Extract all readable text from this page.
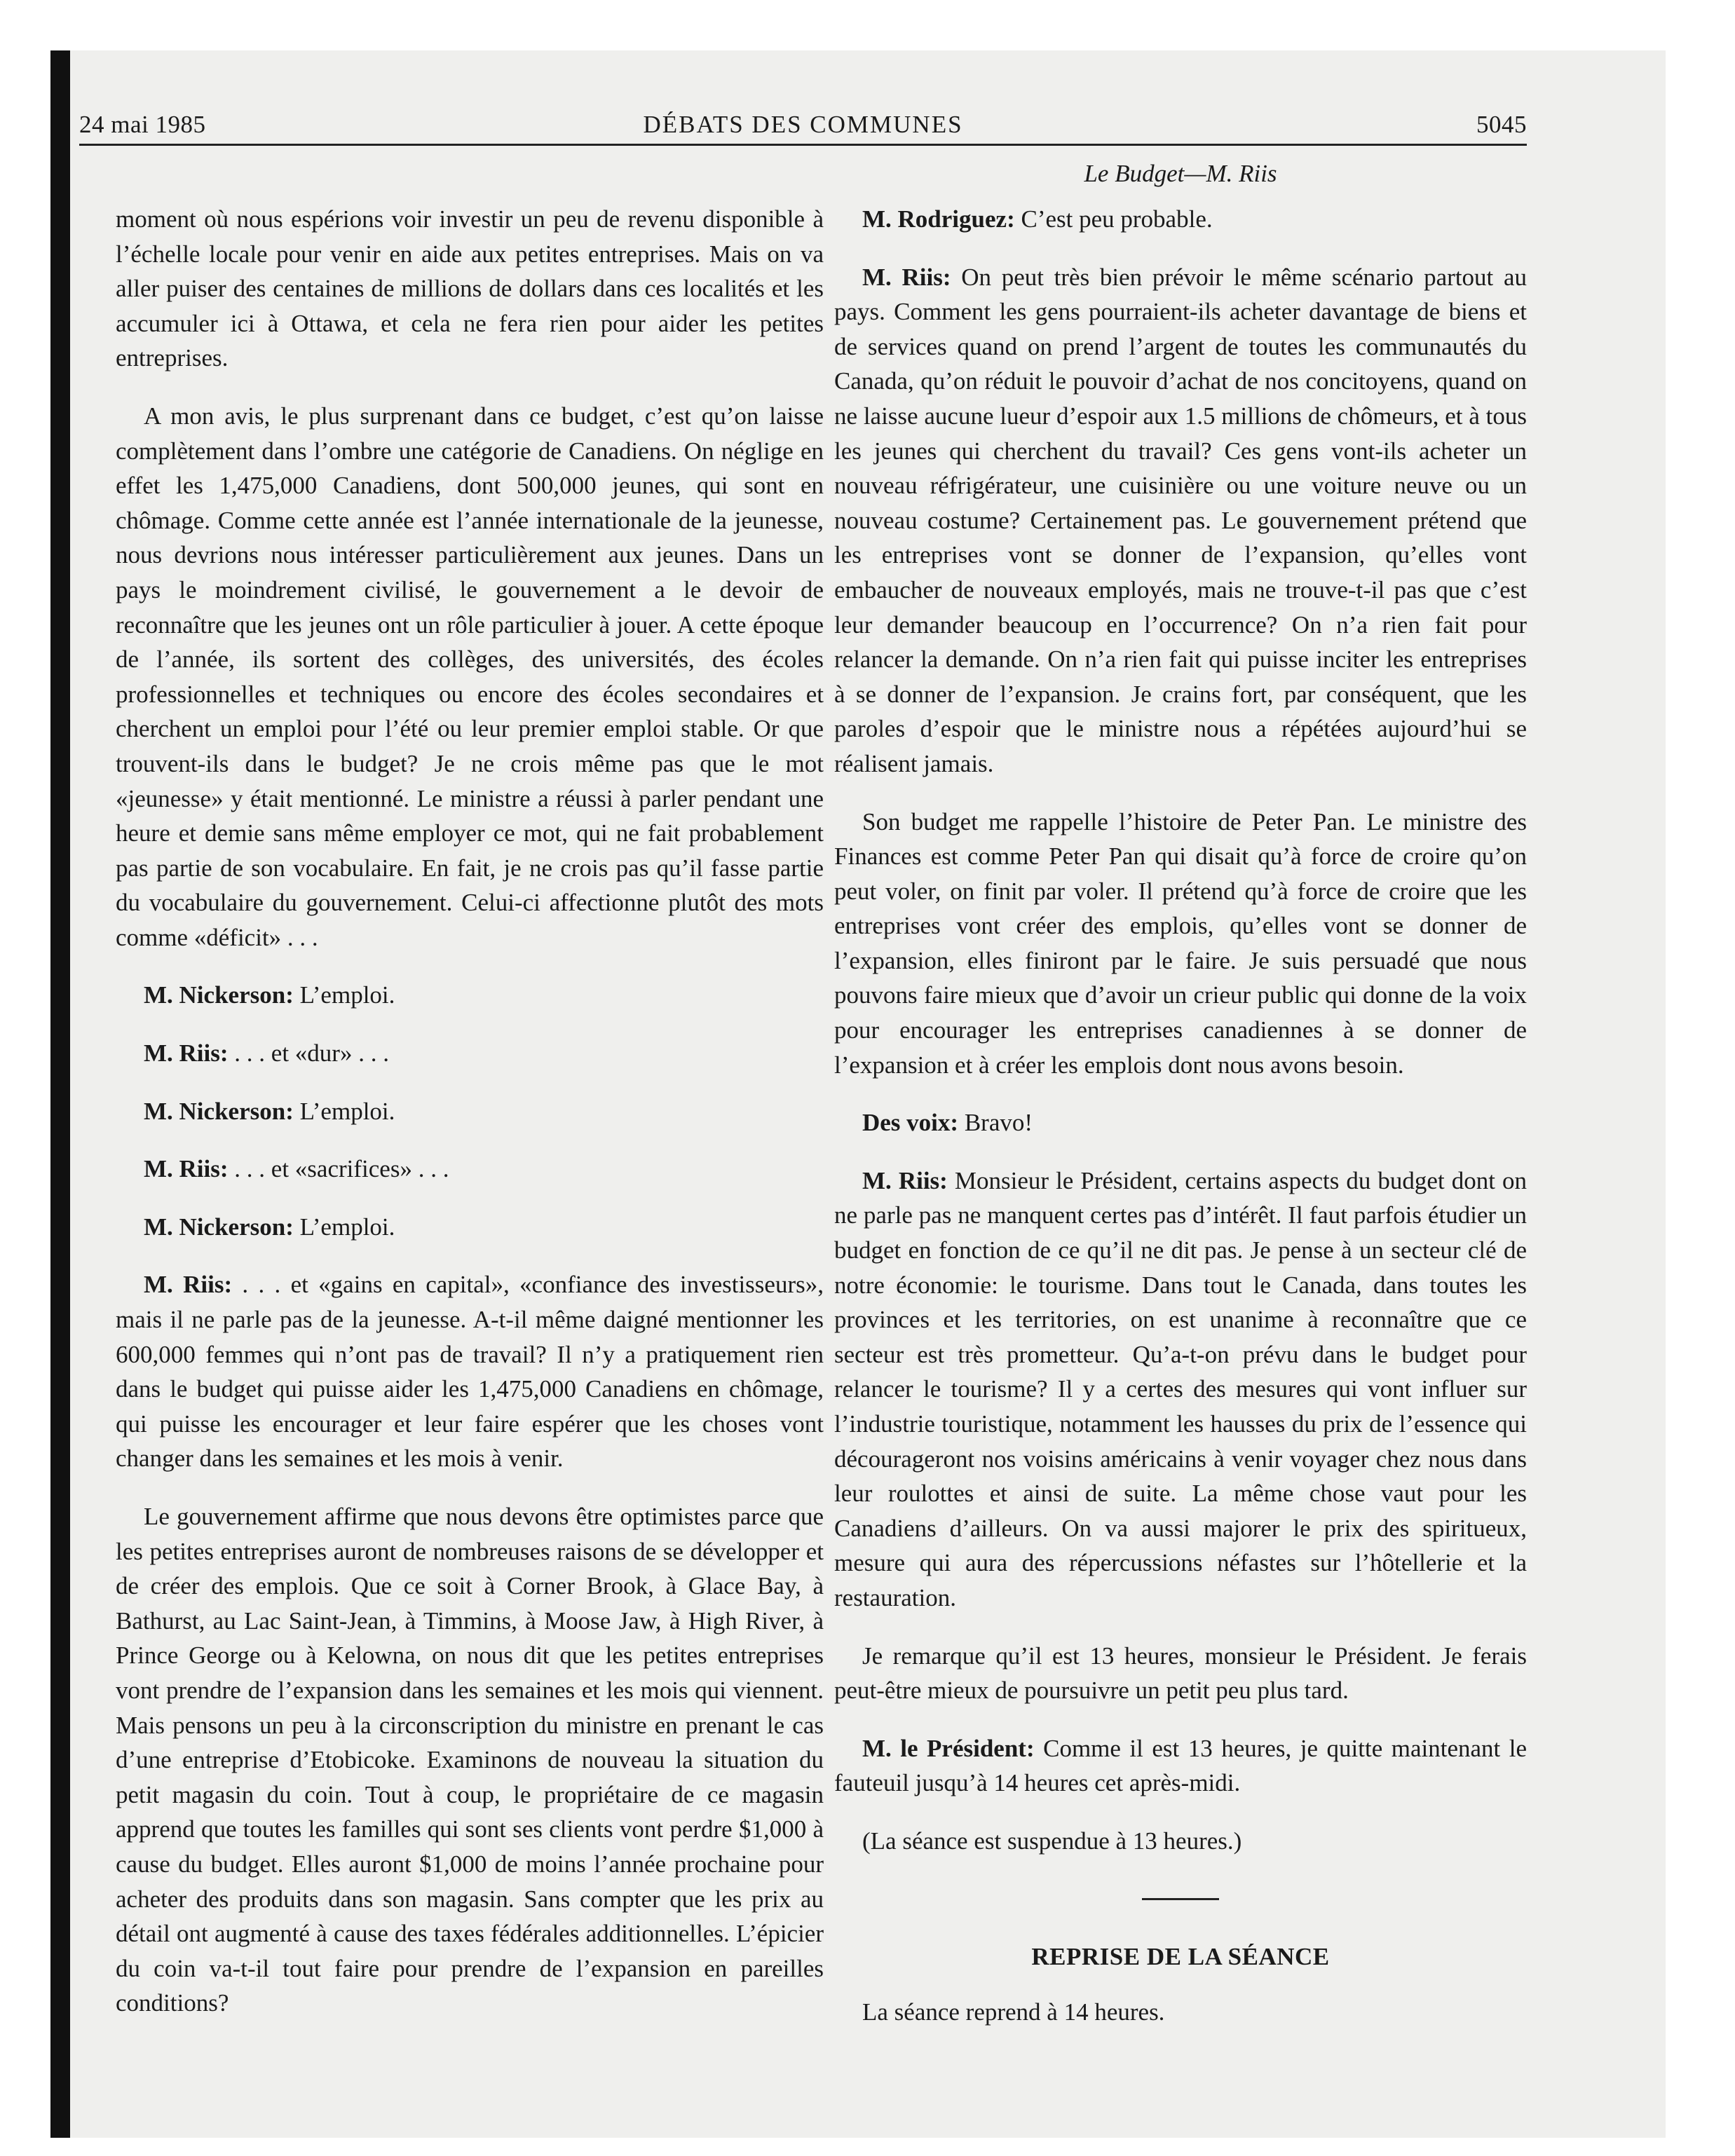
24 mai 1985	DÉBATS DES COMMUNES	5045
Le Budget—M. Riis

moment où nous espérions voir investir un peu de revenu disponible à l’échelle locale pour venir en aide aux petites entreprises. Mais on va aller puiser des centaines de millions de dollars dans ces localités et les accumuler ici à Ottawa, et cela ne fera rien pour aider les petites entreprises.

A mon avis, le plus surprenant dans ce budget, c’est qu’on laisse complètement dans l’ombre une catégorie de Canadiens. On néglige en effet les 1,475,000 Canadiens, dont 500,000 jeunes, qui sont en chômage. Comme cette année est l’année internationale de la jeunesse, nous devrions nous intéresser particulièrement aux jeunes. Dans un pays le moindrement civilisé, le gouvernement a le devoir de reconnaître que les jeunes ont un rôle particulier à jouer. A cette époque de l’année, ils sortent des collèges, des universités, des écoles professionnelles et techniques ou encore des écoles secondaires et cherchent un emploi pour l’été ou leur premier emploi stable. Or que trouvent-ils dans le budget? Je ne crois même pas que le mot «jeunesse» y était mentionné. Le ministre a réussi à parler pendant une heure et demie sans même employer ce mot, qui ne fait probablement pas partie de son vocabulaire. En fait, je ne crois pas qu’il fasse partie du vocabulaire du gouvernement. Celui-ci affectionne plutôt des mots comme «déficit» . . .

M. Nickerson: L’emploi.

M. Riis: . . . et «dur» . . .

M. Nickerson: L’emploi.

M. Riis: . . . et «sacrifices» . . .

M. Nickerson: L’emploi.

M. Riis: . . . et «gains en capital», «confiance des investisseurs», mais il ne parle pas de la jeunesse. A-t-il même daigné mentionner les 600,000 femmes qui n’ont pas de travail? Il n’y a pratiquement rien dans le budget qui puisse aider les 1,475,000 Canadiens en chômage, qui puisse les encourager et leur faire espérer que les choses vont changer dans les semaines et les mois à venir.

Le gouvernement affirme que nous devons être optimistes parce que les petites entreprises auront de nombreuses raisons de se développer et de créer des emplois. Que ce soit à Corner Brook, à Glace Bay, à Bathurst, au Lac Saint-Jean, à Timmins, à Moose Jaw, à High River, à Prince George ou à Kelowna, on nous dit que les petites entreprises vont prendre de l’expansion dans les semaines et les mois qui viennent. Mais pensons un peu à la circonscription du ministre en prenant le cas d’une entreprise d’Etobicoke. Examinons de nouveau la situation du petit magasin du coin. Tout à coup, le propriétaire de ce magasin apprend que toutes les familles qui sont ses clients vont perdre $1,000 à cause du budget. Elles auront $1,000 de moins l’année prochaine pour acheter des produits dans son magasin. Sans compter que les prix au détail ont augmenté à cause des taxes fédérales additionnelles. L’épicier du coin va-t-il tout faire pour prendre de l’expansion en pareilles conditions?

M. Rodriguez: C’est peu probable.

M. Riis: On peut très bien prévoir le même scénario partout au pays. Comment les gens pourraient-ils acheter davantage de biens et de services quand on prend l’argent de toutes les communautés du Canada, qu’on réduit le pouvoir d’achat de nos concitoyens, quand on ne laisse aucune lueur d’espoir aux 1.5 millions de chômeurs, et à tous les jeunes qui cherchent du travail? Ces gens vont-ils acheter un nouveau réfrigérateur, une cuisinière ou une voiture neuve ou un nouveau costume? Certainement pas. Le gouvernement prétend que les entreprises vont se donner de l’expansion, qu’elles vont embaucher de nouveaux employés, mais ne trouve-t-il pas que c’est leur demander beaucoup en l’occurrence? On n’a rien fait pour relancer la demande. On n’a rien fait qui puisse inciter les entreprises à se donner de l’expansion. Je crains fort, par conséquent, que les paroles d’espoir que le ministre nous a répétées aujourd’hui se réalisent jamais.

Son budget me rappelle l’histoire de Peter Pan. Le ministre des Finances est comme Peter Pan qui disait qu’à force de croire qu’on peut voler, on finit par voler. Il prétend qu’à force de croire que les entreprises vont créer des emplois, qu’elles vont se donner de l’expansion, elles finiront par le faire. Je suis persuadé que nous pouvons faire mieux que d’avoir un crieur public qui donne de la voix pour encourager les entreprises canadiennes à se donner de l’expansion et à créer les emplois dont nous avons besoin.

Des voix: Bravo!

M. Riis: Monsieur le Président, certains aspects du budget dont on ne parle pas ne manquent certes pas d’intérêt. Il faut parfois étudier un budget en fonction de ce qu’il ne dit pas. Je pense à un secteur clé de notre économie: le tourisme. Dans tout le Canada, dans toutes les provinces et les territories, on est unanime à reconnaître que ce secteur est très prometteur. Qu’a-t-on prévu dans le budget pour relancer le tourisme? Il y a certes des mesures qui vont influer sur l’industrie touristique, notamment les hausses du prix de l’essence qui décourageront nos voisins américains à venir voyager chez nous dans leur roulottes et ainsi de suite. La même chose vaut pour les Canadiens d’ailleurs. On va aussi majorer le prix des spiritueux, mesure qui aura des répercussions néfastes sur l’hôtellerie et la restauration.

Je remarque qu’il est 13 heures, monsieur le Président. Je ferais peut-être mieux de poursuivre un petit peu plus tard.

M. le Président: Comme il est 13 heures, je quitte maintenant le fauteuil jusqu’à 14 heures cet après-midi.

(La séance est suspendue à 13 heures.)

REPRISE DE LA SÉANCE

La séance reprend à 14 heures.
